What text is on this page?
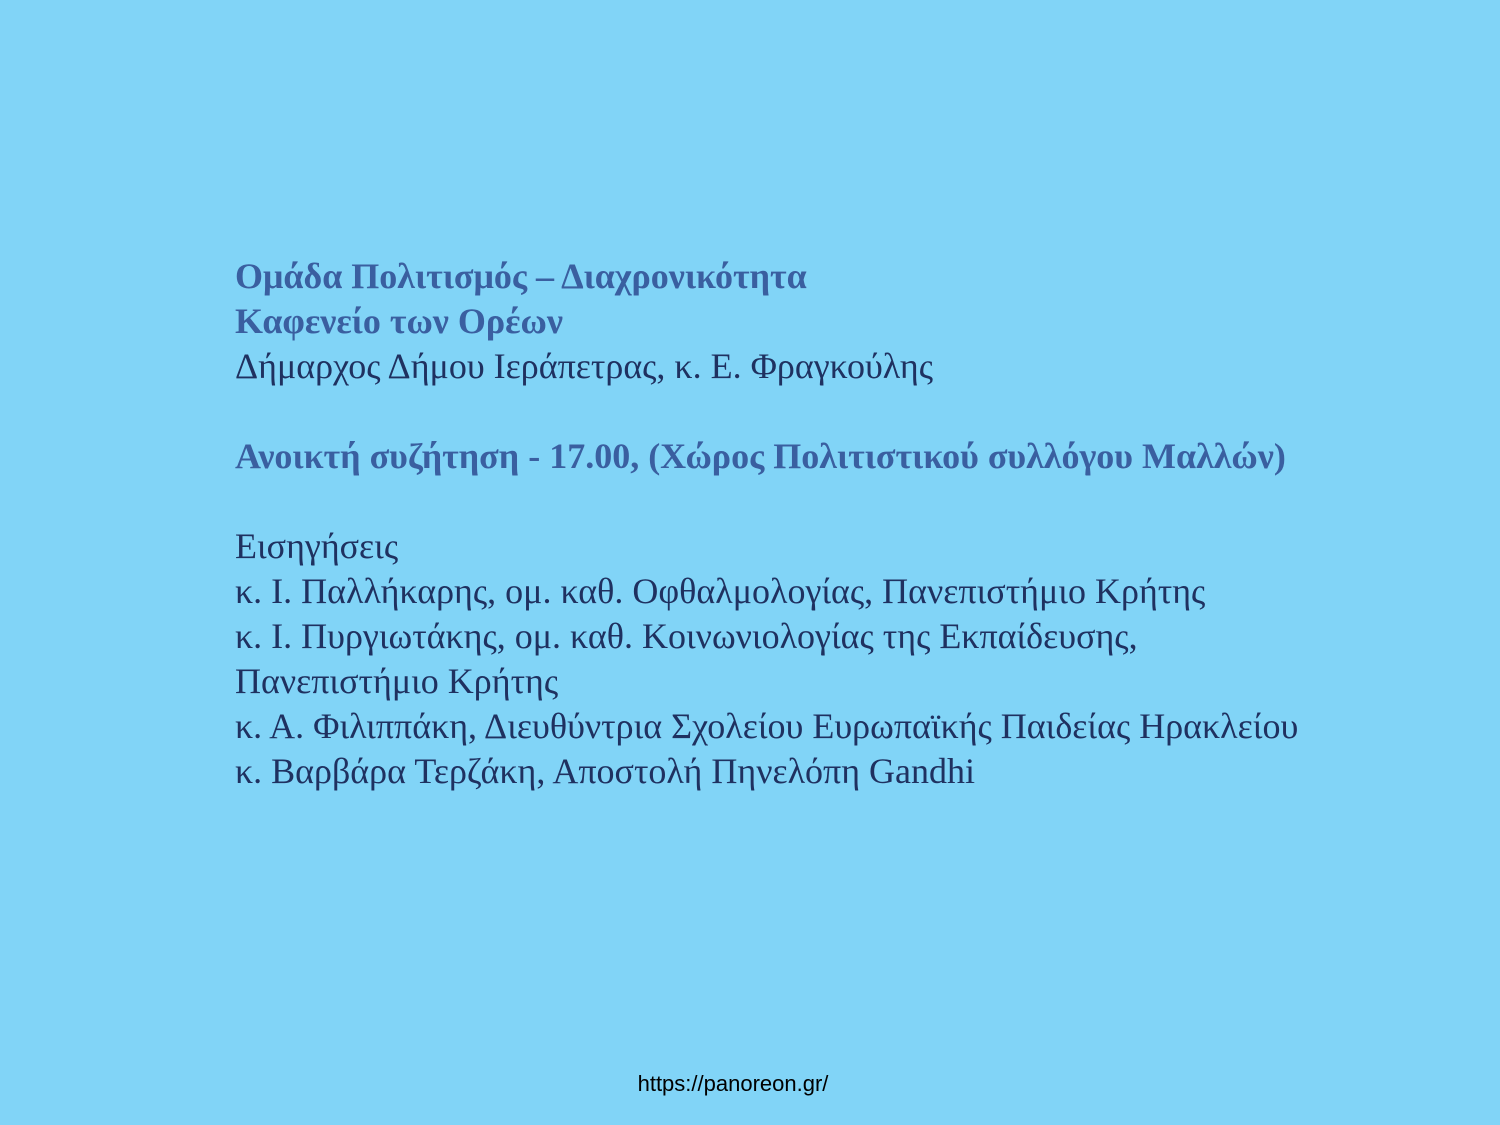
Ομάδα Πολιτισμός – Διαχρονικότητα
Καφενείο των Ορέων
Δήμαρχος Δήμου Ιεράπετρας, κ. Ε. Φραγκούλης
Ανοικτή συζήτηση - 17.00, (Χώρος Πολιτιστικού συλλόγου Μαλλών)
Εισηγήσεις
κ. Ι. Παλλήκαρης, ομ. καθ. Οφθαλμολογίας, Πανεπιστήμιο Κρήτης
κ. Ι. Πυργιωτάκης, ομ. καθ. Κοινωνιολογίας της Εκπαίδευσης,
Πανεπιστήμιο Κρήτης
κ. Α. Φιλιππάκη, Διευθύντρια Σχολείου Ευρωπαϊκής Παιδείας Ηρακλείου
κ. Βαρβάρα Τερζάκη, Αποστολή Πηνελόπη Gandhi
https://panoreon.gr/
